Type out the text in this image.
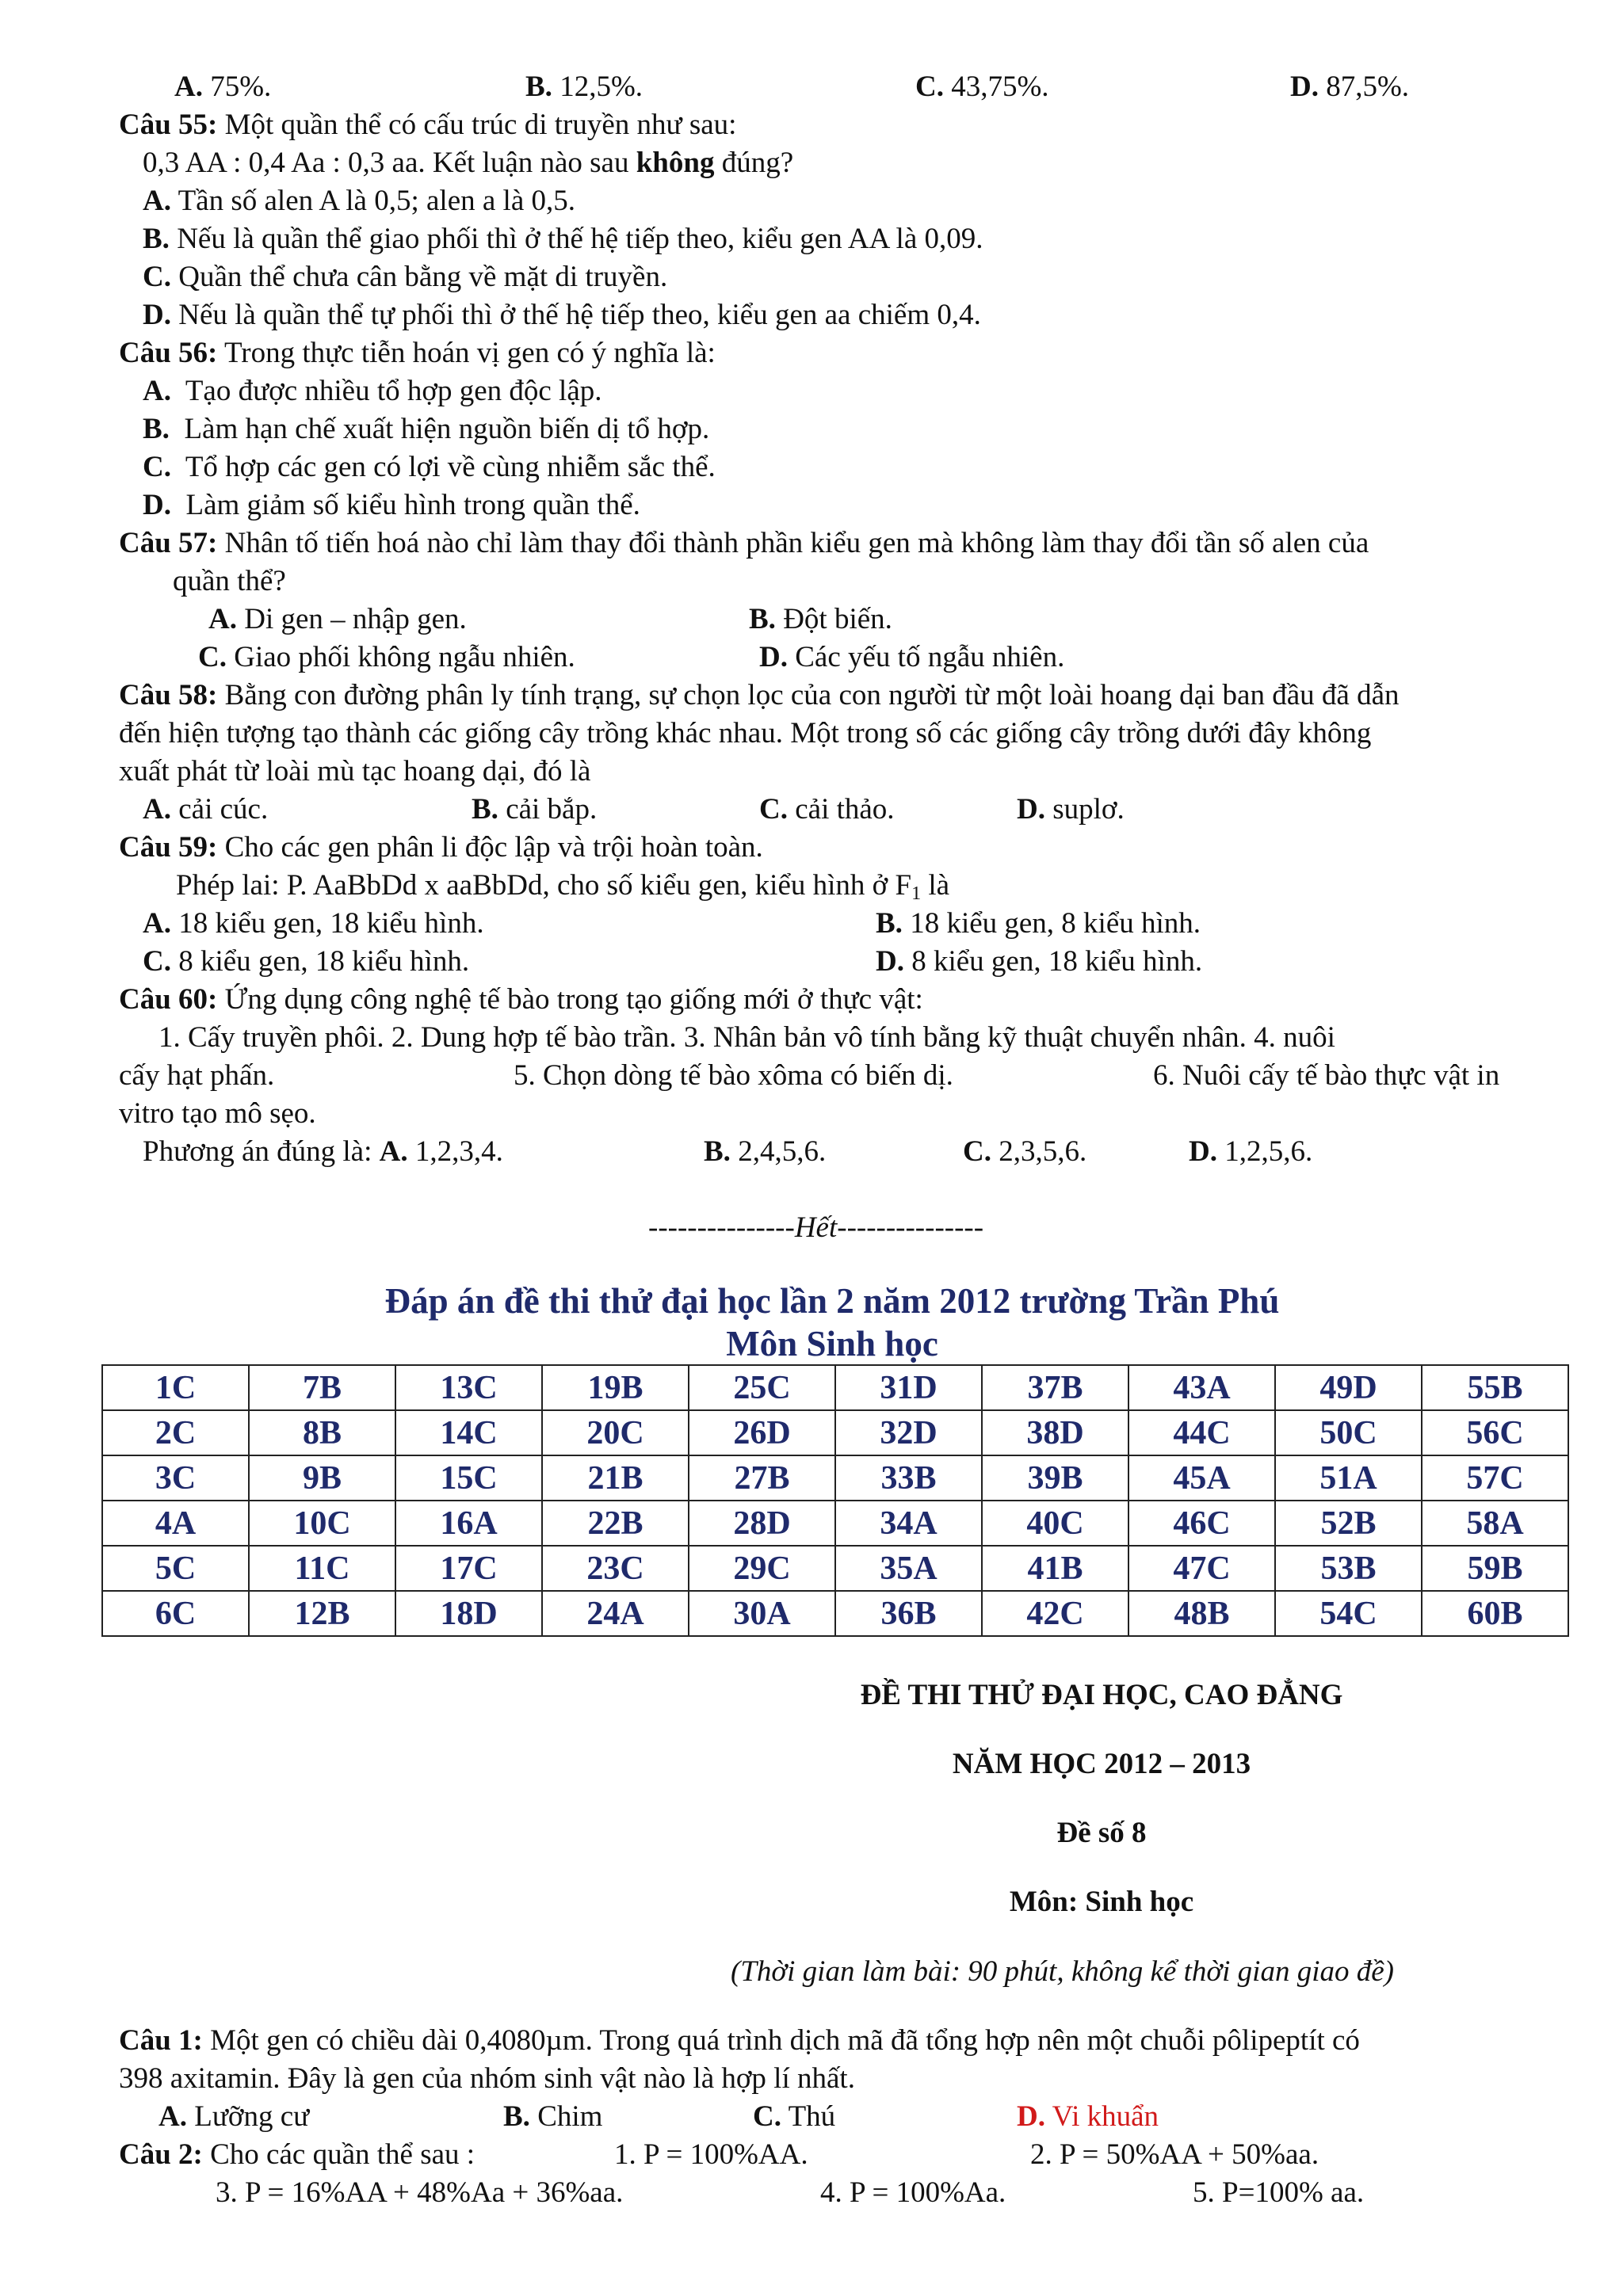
A. 75%.	B. 12,5%.	C. 43,75%.	D. 87,5%.
Câu 55: Một quần thể có cấu trúc di truyền như sau:
0,3 AA : 0,4 Aa : 0,3 aa. Kết luận nào sau không đúng?
A. Tần số alen A là 0,5; alen a là 0,5.
B. Nếu là quần thể giao phối thì ở thế hệ tiếp theo, kiểu gen AA là 0,09.
C. Quần thể chưa cân bằng về mặt di truyền.
D. Nếu là quần thể tự phối thì ở thế hệ tiếp theo, kiểu gen aa chiếm 0,4.
Câu 56: Trong thực tiễn hoán vị gen có ý nghĩa là:
A. Tạo được nhiều tổ hợp gen độc lập.
B. Làm hạn chế xuất hiện nguồn biến dị tổ hợp.
C. Tổ hợp các gen có lợi về cùng nhiễm sắc thể.
D. Làm giảm số kiểu hình trong quần thể.
Câu 57: Nhân tố tiến hoá nào chỉ làm thay đổi thành phần kiểu gen mà không làm thay đổi tần số alen của
quần thể?
A. Di gen – nhập gen.	B. Đột biến.
C. Giao phối không ngẫu nhiên.	D. Các yếu tố ngẫu nhiên.
Câu 58: Bằng con đường phân ly tính trạng, sự chọn lọc của con người từ một loài hoang dại ban đầu đã dẫn
đến hiện tượng tạo thành các giống cây trồng khác nhau. Một trong số các giống cây trồng dưới đây không
xuất phát từ loài mù tạc hoang dại, đó là
A. cải cúc.	B. cải bắp.	C. cải thảo.	D. suplơ.
Câu 59: Cho các gen phân li độc lập và trội hoàn toàn.
Phép lai: P. AaBbDd x aaBbDd, cho số kiểu gen, kiểu hình ở $F_1$ là
A. 18 kiểu gen, 18 kiểu hình.	B. 18 kiểu gen, 8 kiểu hình.
C. 8 kiểu gen, 18 kiểu hình.	D. 8 kiểu gen, 18 kiểu hình.
Câu 60: Ứng dụng công nghệ tế bào trong tạo giống mới ở thực vật:
1. Cấy truyền phôi. 2. Dung hợp tế bào trần. 3. Nhân bản vô tính bằng kỹ thuật chuyển nhân. 4. nuôi
cấy hạt phấn.	5. Chọn dòng tế bào xôma có biến dị.	6. Nuôi cấy tế bào thực vật in
vitro tạo mô sẹo.
Phương án đúng là: A. 1,2,3,4.	B. 2,4,5,6.	C. 2,3,5,6.	D. 1,2,5,6.
---------------Hết---------------
Đáp án đề thi thử đại học lần 2 năm 2012 trường Trần Phú
Môn Sinh học
1C	7B	13C	19B	25C	31D	37B	43A	49D	55B
2C	8B	14C	20C	26D	32D	38D	44C	50C	56C
3C	9B	15C	21B	27B	33B	39B	45A	51A	57C
4A	10C	16A	22B	28D	34A	40C	46C	52B	58A
5C	11C	17C	23C	29C	35A	41B	47C	53B	59B
6C	12B	18D	24A	30A	36B	42C	48B	54C	60B
ĐỀ THI THỬ ĐẠI HỌC, CAO ĐẲNG
NĂM HỌC 2012 – 2013
Đề số 8
Môn: Sinh học
(Thời gian làm bài: 90 phút, không kể thời gian giao đề)
Câu 1: Một gen có chiều dài 0,4080µm. Trong quá trình dịch mã đã tổng hợp nên một chuỗi pôlipeptít có
398 axitamin. Đây là gen của nhóm sinh vật nào là hợp lí nhất.
A. Lưỡng cư	B. Chim	C. Thú	D. Vi khuẩn
Câu 2: Cho các quần thể sau :	1. P = 100%AA.	2. P = 50%AA + 50%aa.
3. P = 16%AA + 48%Aa + 36%aa.	4. P = 100%Aa.	5. P=100% aa.
